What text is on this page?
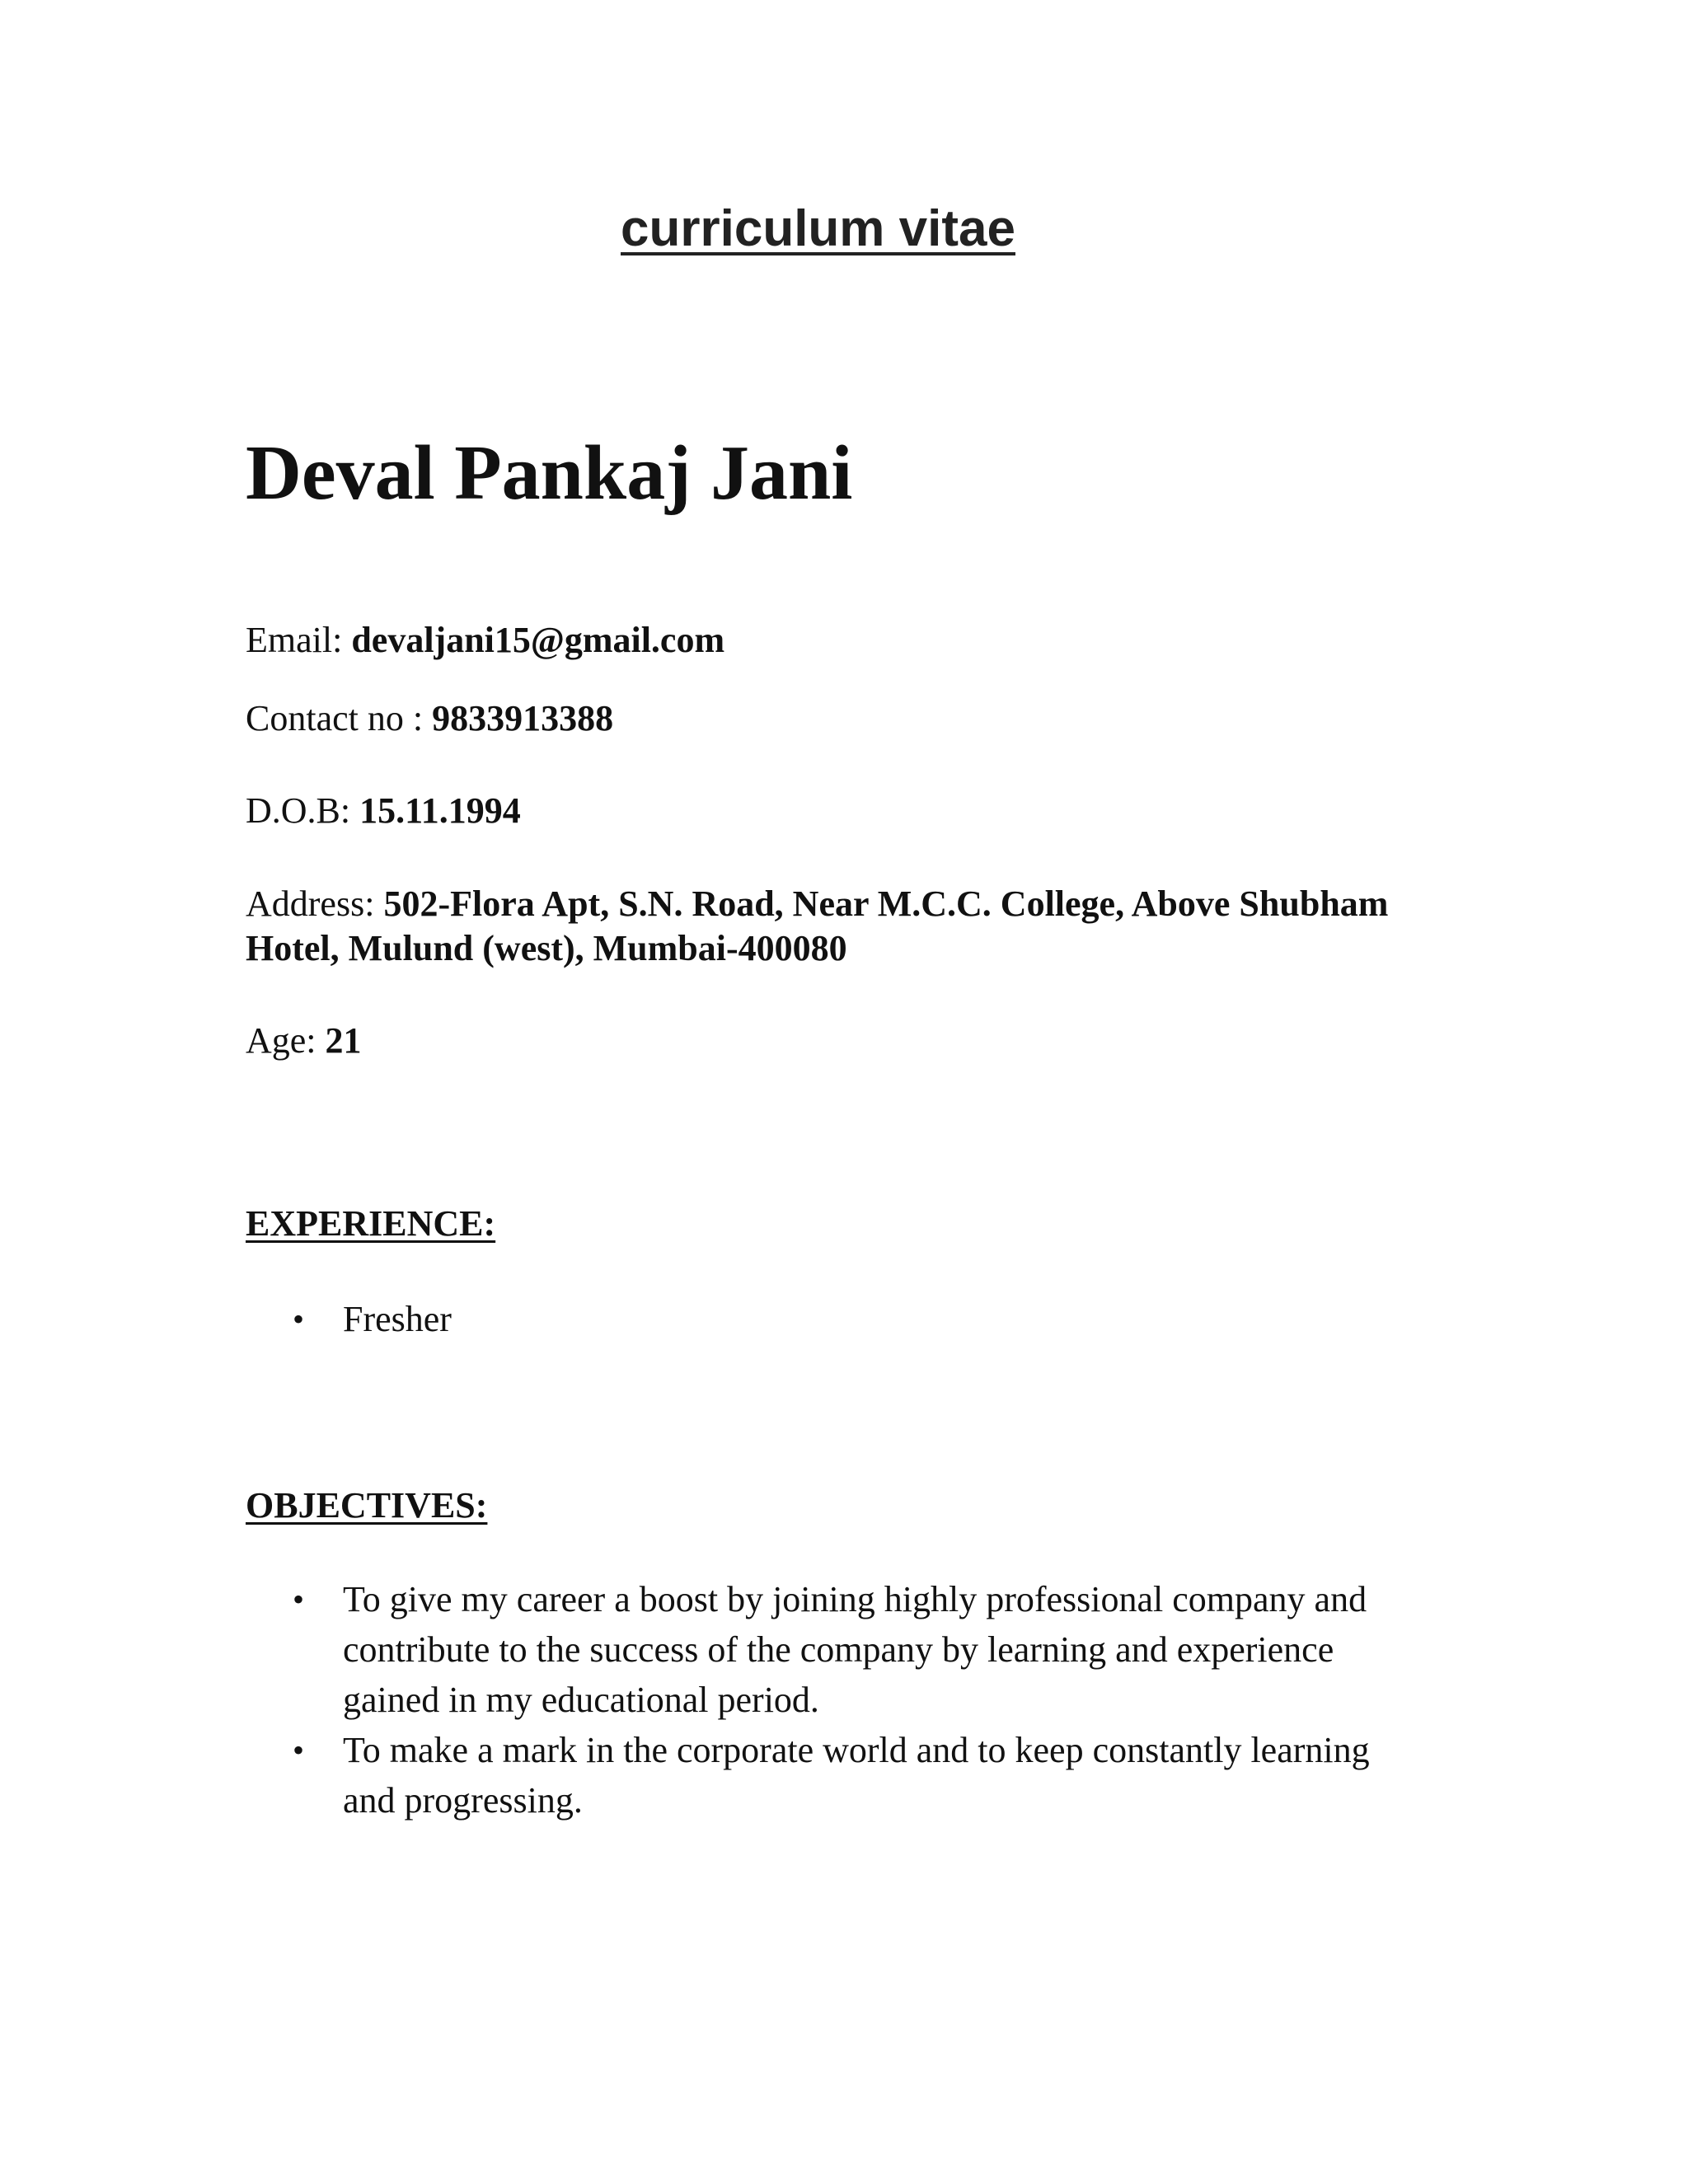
curriculum vitae
Deval Pankaj Jani

Email: devaljani15@gmail.com

Contact no : 9833913388

D.O.B: 15.11.1994

Address: 502-Flora Apt, S.N. Road, Near M.C.C. College, Above Shubham Hotel, Mulund (west), Mumbai-400080

Age: 21

EXPERIENCE:
• Fresher
OBJECTIVES:
• To give my career a boost by joining highly professional company and contribute to the success of the company by learning and experience gained in my educational period.
• To make a mark in the corporate world and to keep constantly learning and progressing.
